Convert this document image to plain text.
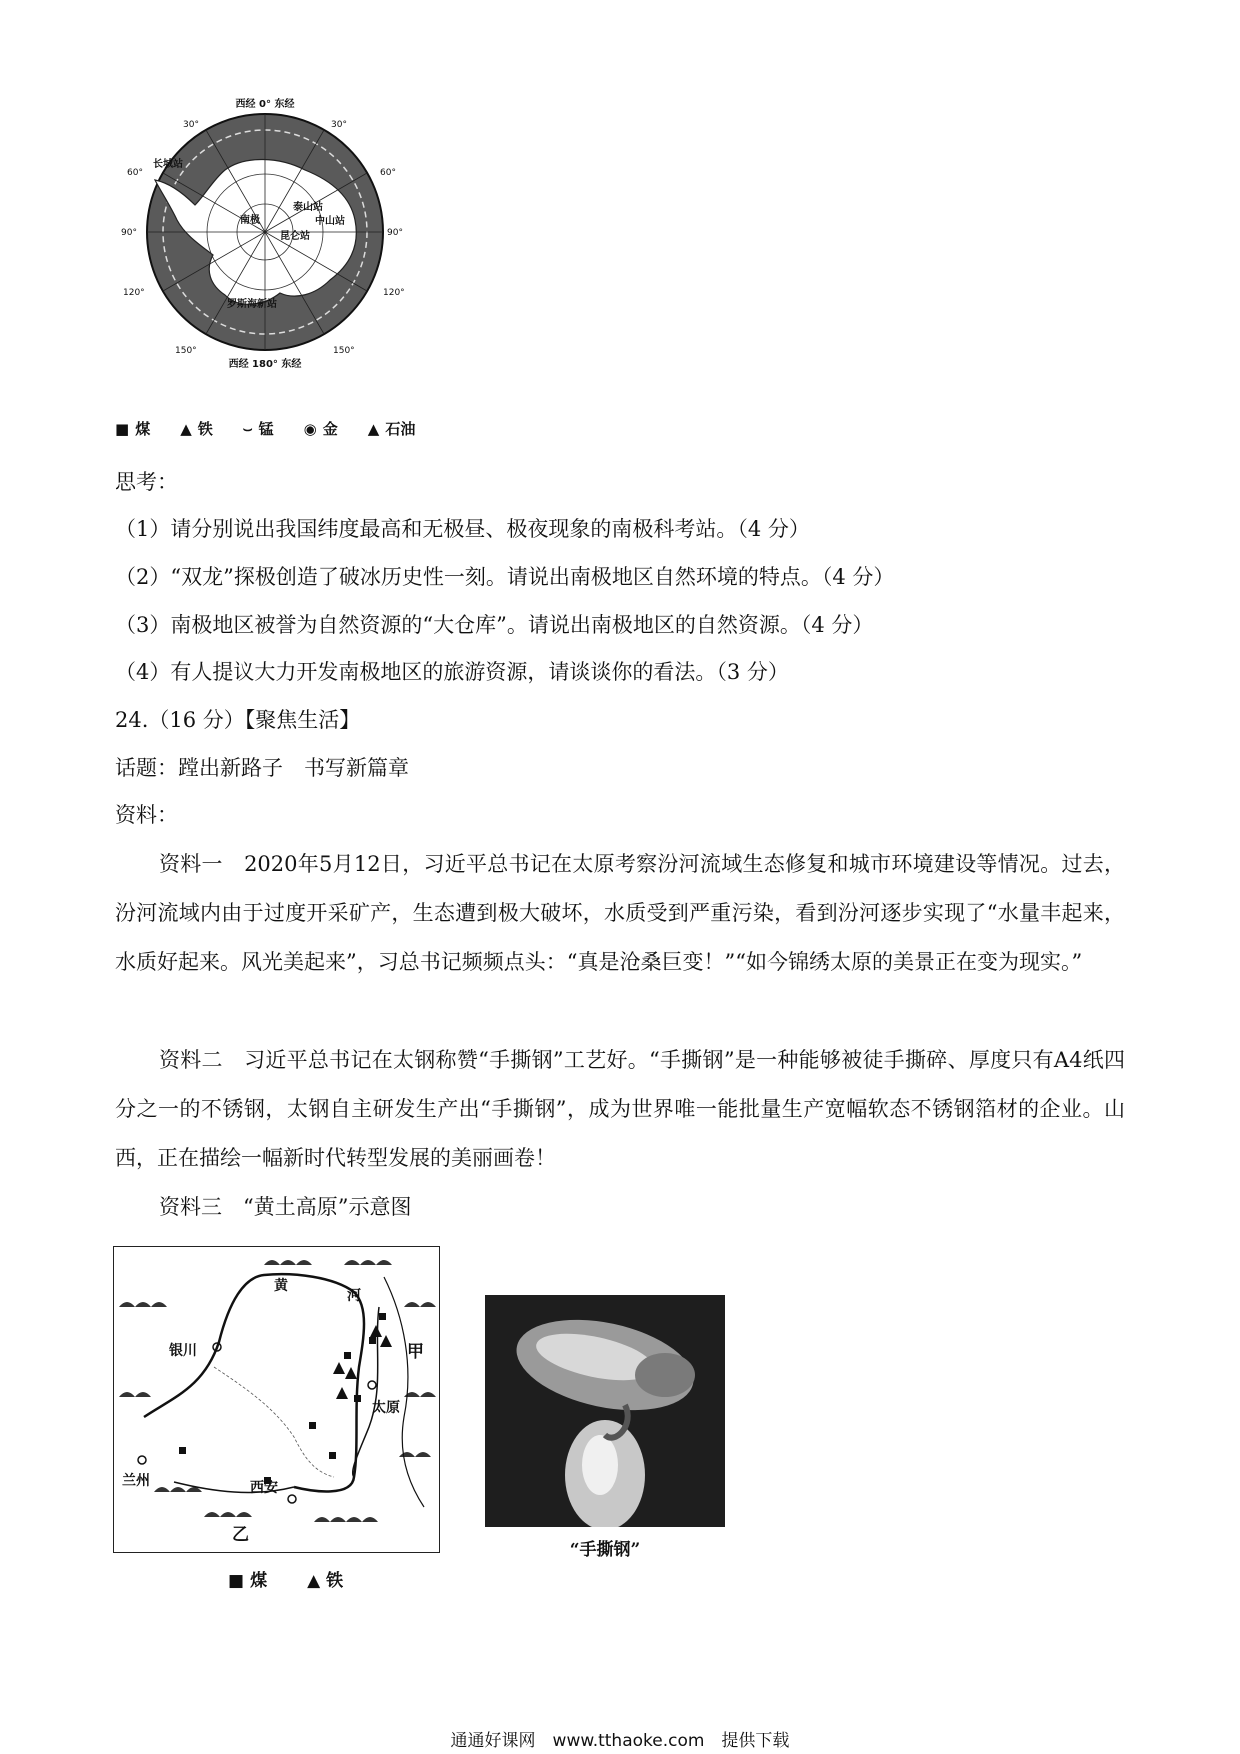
西经 0° 东经
长城站
泰山站
中山站
昆仑站
南极
罗斯海新站
30°	30°
60°	60°
90°	90°
120°	120°
150°	150°
西经 180° 东经
■ 煤 ▲ 铁 ⌣ 锰 ◉ 金 ▲ 石油
思考：
（1）请分别说出我国纬度最高和无极昼、极夜现象的南极科考站。（4 分）
（2）“双龙”探极创造了破冰历史性一刻。请说出南极地区自然环境的特点。（4 分）
（3）南极地区被誉为自然资源的“大仓库”。请说出南极地区的自然资源。（4 分）
（4）有人提议大力开发南极地区的旅游资源，请谈谈你的看法。（3 分）
24.（16 分）【聚焦生活】
话题：蹚出新路子　书写新篇章
资料：
资料一　2020年5月12日，习近平总书记在太原考察汾河流域生态修复和城市环境建设等情况。过去，汾河流域内由于过度开采矿产，生态遭到极大破坏，水质受到严重污染，看到汾河逐步实现了“水量丰起来，水质好起来。风光美起来”，习总书记频频点头：“真是沧桑巨变！”“如今锦绣太原的美景正在变为现实。”
资料二　习近平总书记在太钢称赞“手撕钢”工艺好。“手撕钢”是一种能够被徒手撕碎、厚度只有A4纸四分之一的不锈钢，太钢自主研发生产出“手撕钢”，成为世界唯一能批量生产宽幅软态不锈钢箔材的企业。山西，正在描绘一幅新时代转型发展的美丽画卷！
资料三　“黄土高原”示意图
黄
河
银川
兰州	西安
太原
甲
乙
■ 煤 ▲ 铁
“手撕钢”
通通好课网　www.tthaoke.com　提供下载
